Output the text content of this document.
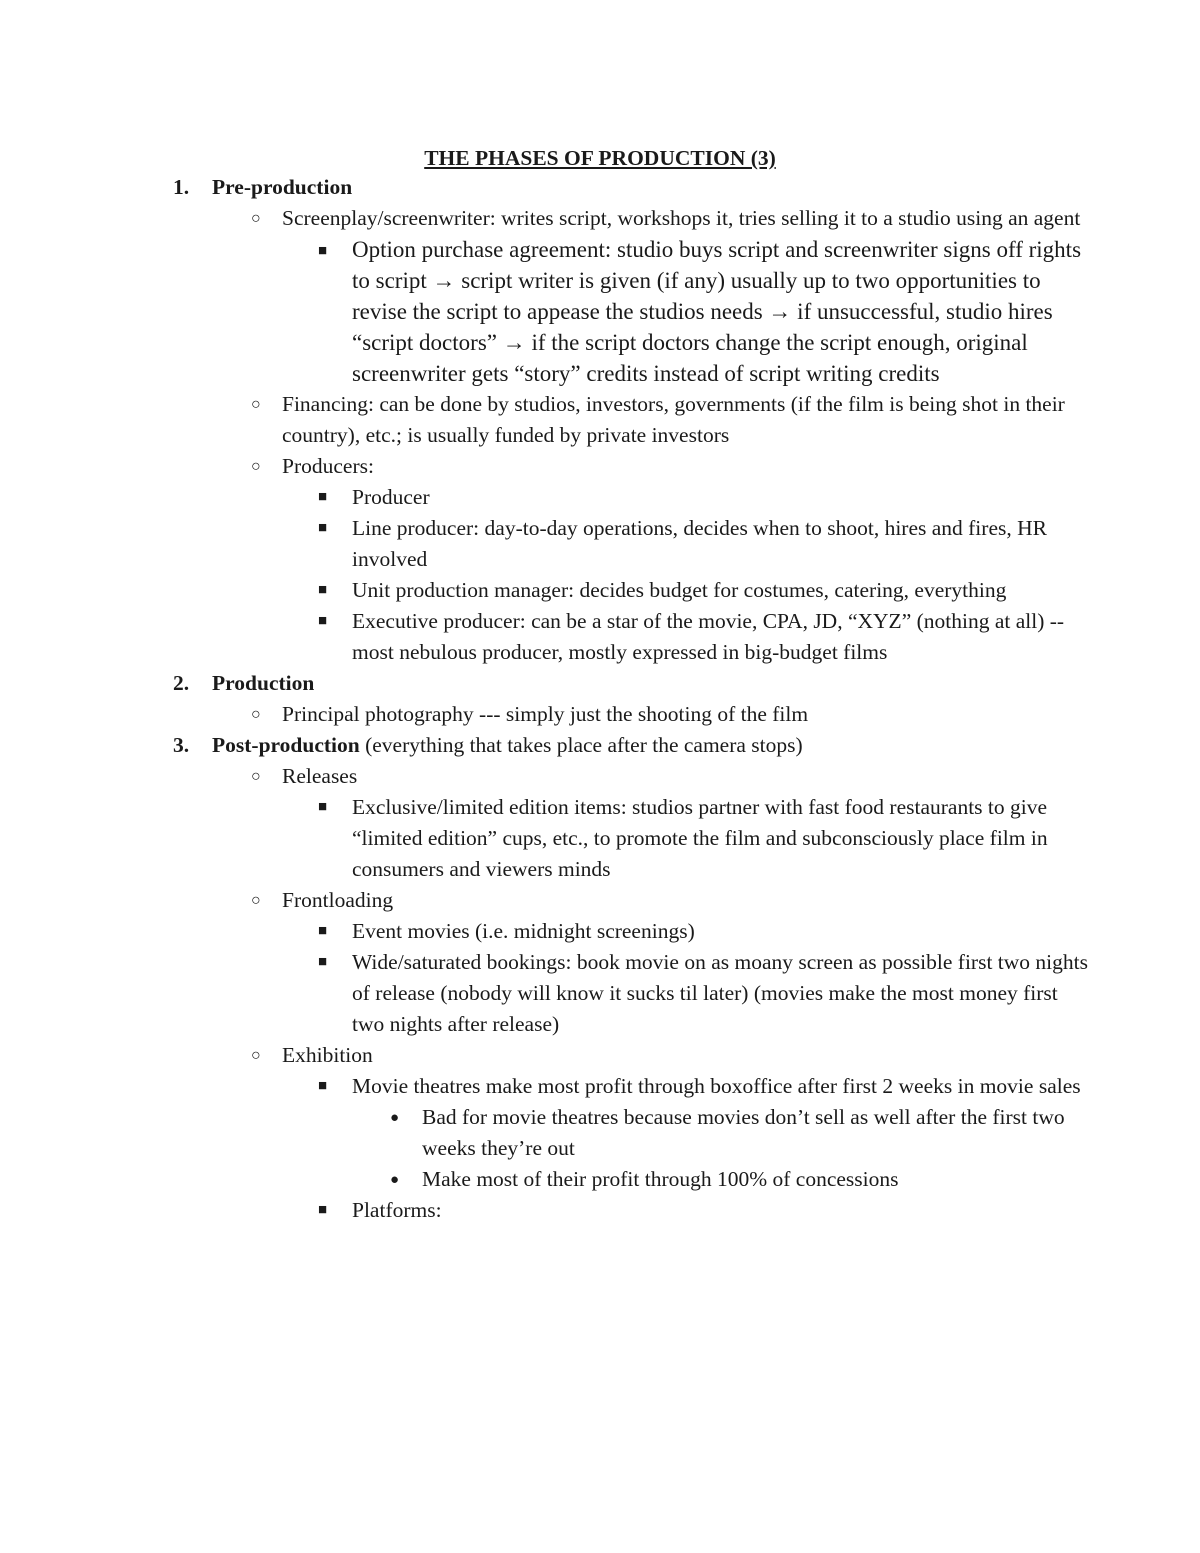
THE PHASES OF PRODUCTION (3)
1. Pre-production
○ Screenplay/screenwriter: writes script, workshops it, tries selling it to a studio using an agent
■ Option purchase agreement: studio buys script and screenwriter signs off rights to script → script writer is given (if any) usually up to two opportunities to revise the script to appease the studios needs → if unsuccessful, studio hires “script doctors” → if the script doctors change the script enough, original screenwriter gets “story” credits instead of script writing credits
○ Financing: can be done by studios, investors, governments (if the film is being shot in their country), etc.; is usually funded by private investors
○ Producers:
■ Producer
■ Line producer: day-to-day operations, decides when to shoot, hires and fires, HR involved
■ Unit production manager: decides budget for costumes, catering, everything
■ Executive producer: can be a star of the movie, CPA, JD, “XYZ” (nothing at all) -- most nebulous producer, mostly expressed in big-budget films
2. Production
○ Principal photography --- simply just the shooting of the film
3. Post-production (everything that takes place after the camera stops)
○ Releases
■ Exclusive/limited edition items: studios partner with fast food restaurants to give “limited edition” cups, etc., to promote the film and subconsciously place film in consumers and viewers minds
○ Frontloading
■ Event movies (i.e. midnight screenings)
■ Wide/saturated bookings: book movie on as moany screen as possible first two nights of release (nobody will know it sucks til later) (movies make the most money first two nights after release)
○ Exhibition
■ Movie theatres make most profit through boxoffice after first 2 weeks in movie sales
● Bad for movie theatres because movies don’t sell as well after the first two weeks they’re out
● Make most of their profit through 100% of concessions
■ Platforms:
